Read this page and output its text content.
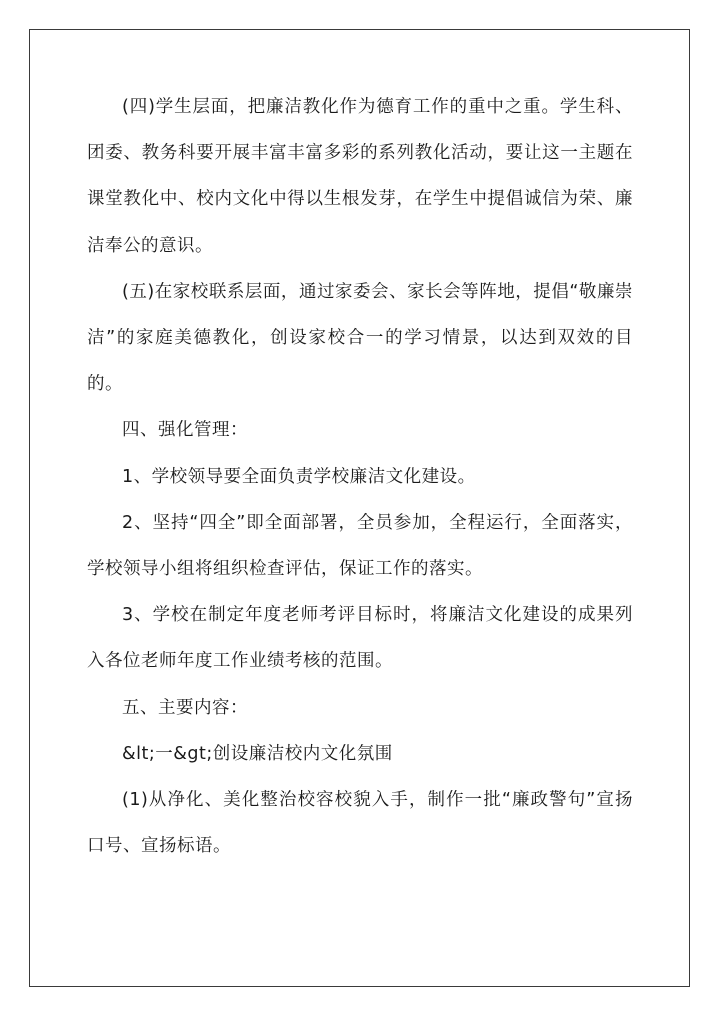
(四)学生层面，把廉洁教化作为德育工作的重中之重。学生科、团委、教务科要开展丰富丰富多彩的系列教化活动，要让这一主题在课堂教化中、校内文化中得以生根发芽，在学生中提倡诚信为荣、廉洁奉公的意识。

(五)在家校联系层面，通过家委会、家长会等阵地，提倡“敬廉崇洁”的家庭美德教化，创设家校合一的学习情景，以达到双效的目的。

四、强化管理：

1、学校领导要全面负责学校廉洁文化建设。

2、坚持“四全”即全面部署，全员参加，全程运行，全面落实，学校领导小组将组织检查评估，保证工作的落实。

3、学校在制定年度老师考评目标时，将廉洁文化建设的成果列入各位老师年度工作业绩考核的范围。

五、主要内容：

&lt;一&gt;创设廉洁校内文化氛围

(1)从净化、美化整治校容校貌入手，制作一批“廉政警句”宣扬口号、宣扬标语。
